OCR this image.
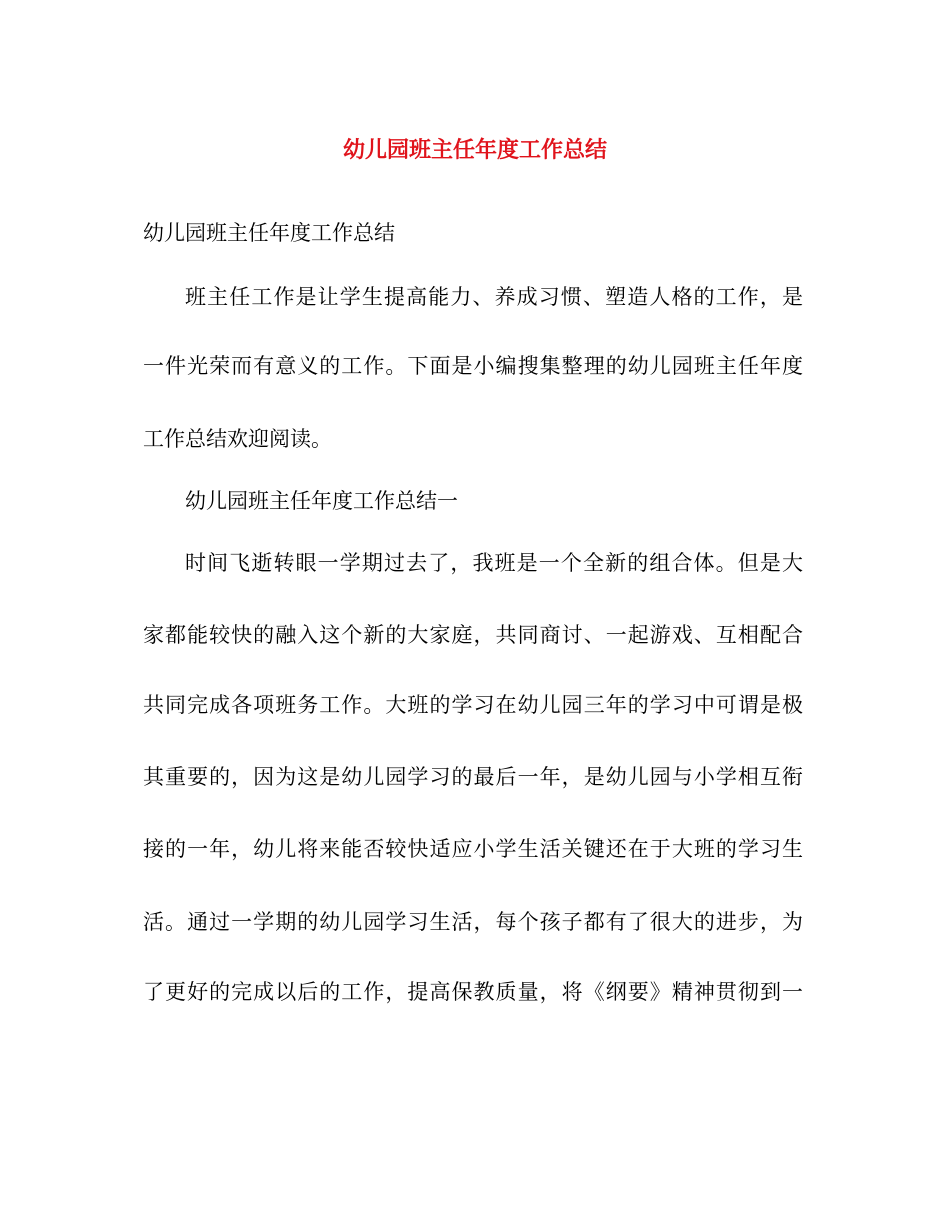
幼儿园班主任年度工作总结
幼儿园班主任年度工作总结
班主任工作是让学生提高能力、养成习惯、塑造人格的工作，是
一件光荣而有意义的工作。下面是小编搜集整理的幼儿园班主任年度
工作总结欢迎阅读。
幼儿园班主任年度工作总结一
时间飞逝转眼一学期过去了，我班是一个全新的组合体。但是大
家都能较快的融入这个新的大家庭，共同商讨、一起游戏、互相配合
共同完成各项班务工作。大班的学习在幼儿园三年的学习中可谓是极
其重要的，因为这是幼儿园学习的最后一年，是幼儿园与小学相互衔
接的一年，幼儿将来能否较快适应小学生活关键还在于大班的学习生
活。通过一学期的幼儿园学习生活，每个孩子都有了很大的进步，为
了更好的完成以后的工作，提高保教质量，将《纲要》精神贯彻到一
